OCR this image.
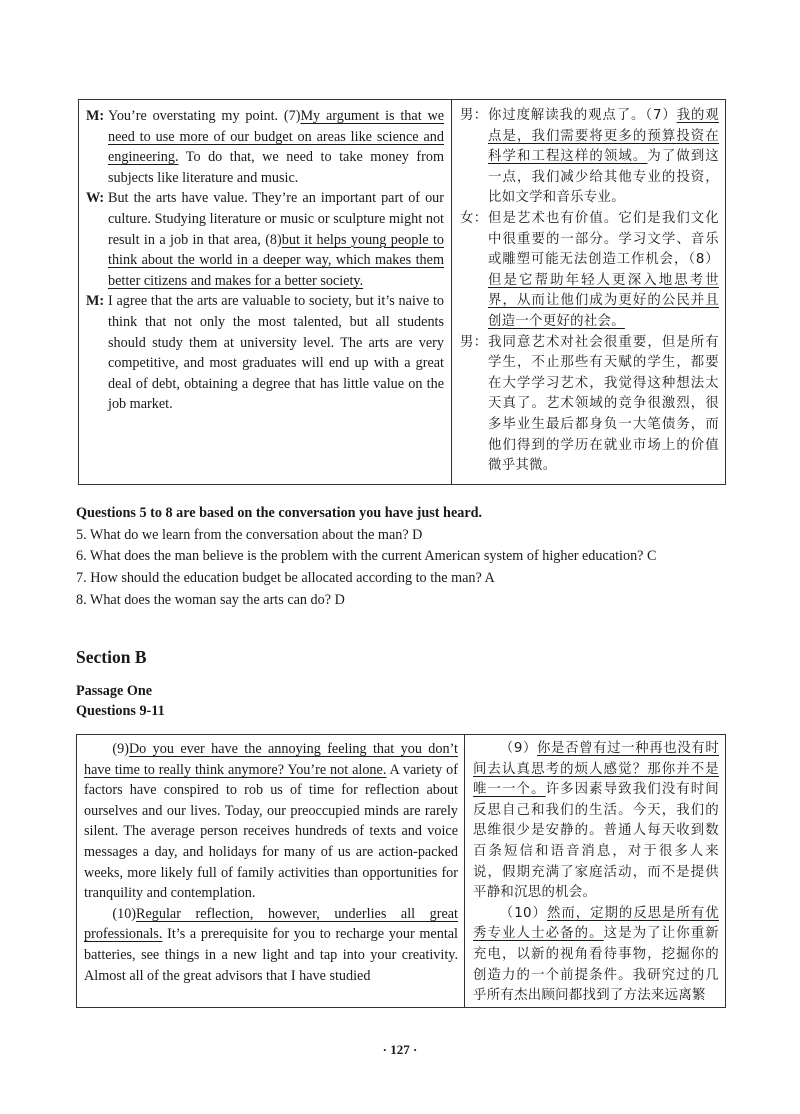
M: You’re overstating my point. (7)My argument is that we need to use more of our budget on areas like science and engineering. To do that, we need to take money from subjects like literature and music.
W: But the arts have value. They’re an important part of our culture. Studying literature or music or sculpture might not result in a job in that area, (8)but it helps young people to think about the world in a deeper way, which makes them better citizens and makes for a better society.
M: I agree that the arts are valuable to society, but it’s naive to think that not only the most talented, but all students should study them at university level. The arts are very competitive, and most graduates will end up with a great deal of debt, obtaining a degree that has little value on the job market.

男： 你过度解读我的观点了。（7）我的观点是，我们需要将更多的预算投资在科学和工程这样的领域。为了做到这一点，我们减少给其他专业的投资，比如文学和音乐专业。
女： 但是艺术也有价值。它们是我们文化中很重要的一部分。学习文学、音乐或雕塑可能无法创造工作机会，（8）但是它帮助年轻人更深入地思考世界，从而让他们成为更好的公民并且创造一个更好的社会。
男： 我同意艺术对社会很重要，但是所有学生，不止那些有天赋的学生，都要在大学学习艺术，我觉得这种想法太天真了。艺术领域的竞争很激烈，很多毕业生最后都身负一大笔债务，而他们得到的学历在就业市场上的价值微乎其微。
Questions 5 to 8 are based on the conversation you have just heard.
5. What do we learn from the conversation about the man? D
6. What does the man believe is the problem with the current American system of higher education? C
7. How should the education budget be allocated according to the man? A
8. What does the woman say the arts can do? D
Section B
Passage One
Questions 9-11
(9)Do you ever have the annoying feeling that you don’t have time to really think anymore? You’re not alone. A variety of factors have conspired to rob us of time for reflection about ourselves and our lives. Today, our preoccupied minds are rarely silent. The average person receives hundreds of texts and voice messages a day, and holidays for many of us are action-packed weeks, more likely full of family activities than opportunities for tranquility and contemplation.
(10)Regular reflection, however, underlies all great professionals. It’s a prerequisite for you to recharge your mental batteries, see things in a new light and tap into your creativity. Almost all of the great advisors that I have studied

（9）你是否曾有过一种再也没有时间去认真思考的烦人感觉？那你并不是唯一一个。许多因素导致我们没有时间反思自己和我们的生活。今天，我们的思维很少是安静的。普通人每天收到数百条短信和语音消息，对于很多人来说，假期充满了家庭活动，而不是提供平静和沉思的机会。
（10）然而，定期的反思是所有优秀专业人士必备的。这是为了让你重新充电，以新的视角看待事物，挖掘你的创造力的一个前提条件。我研究过的几乎所有杰出顾问都找到了方法来远离繁
· 127 ·
